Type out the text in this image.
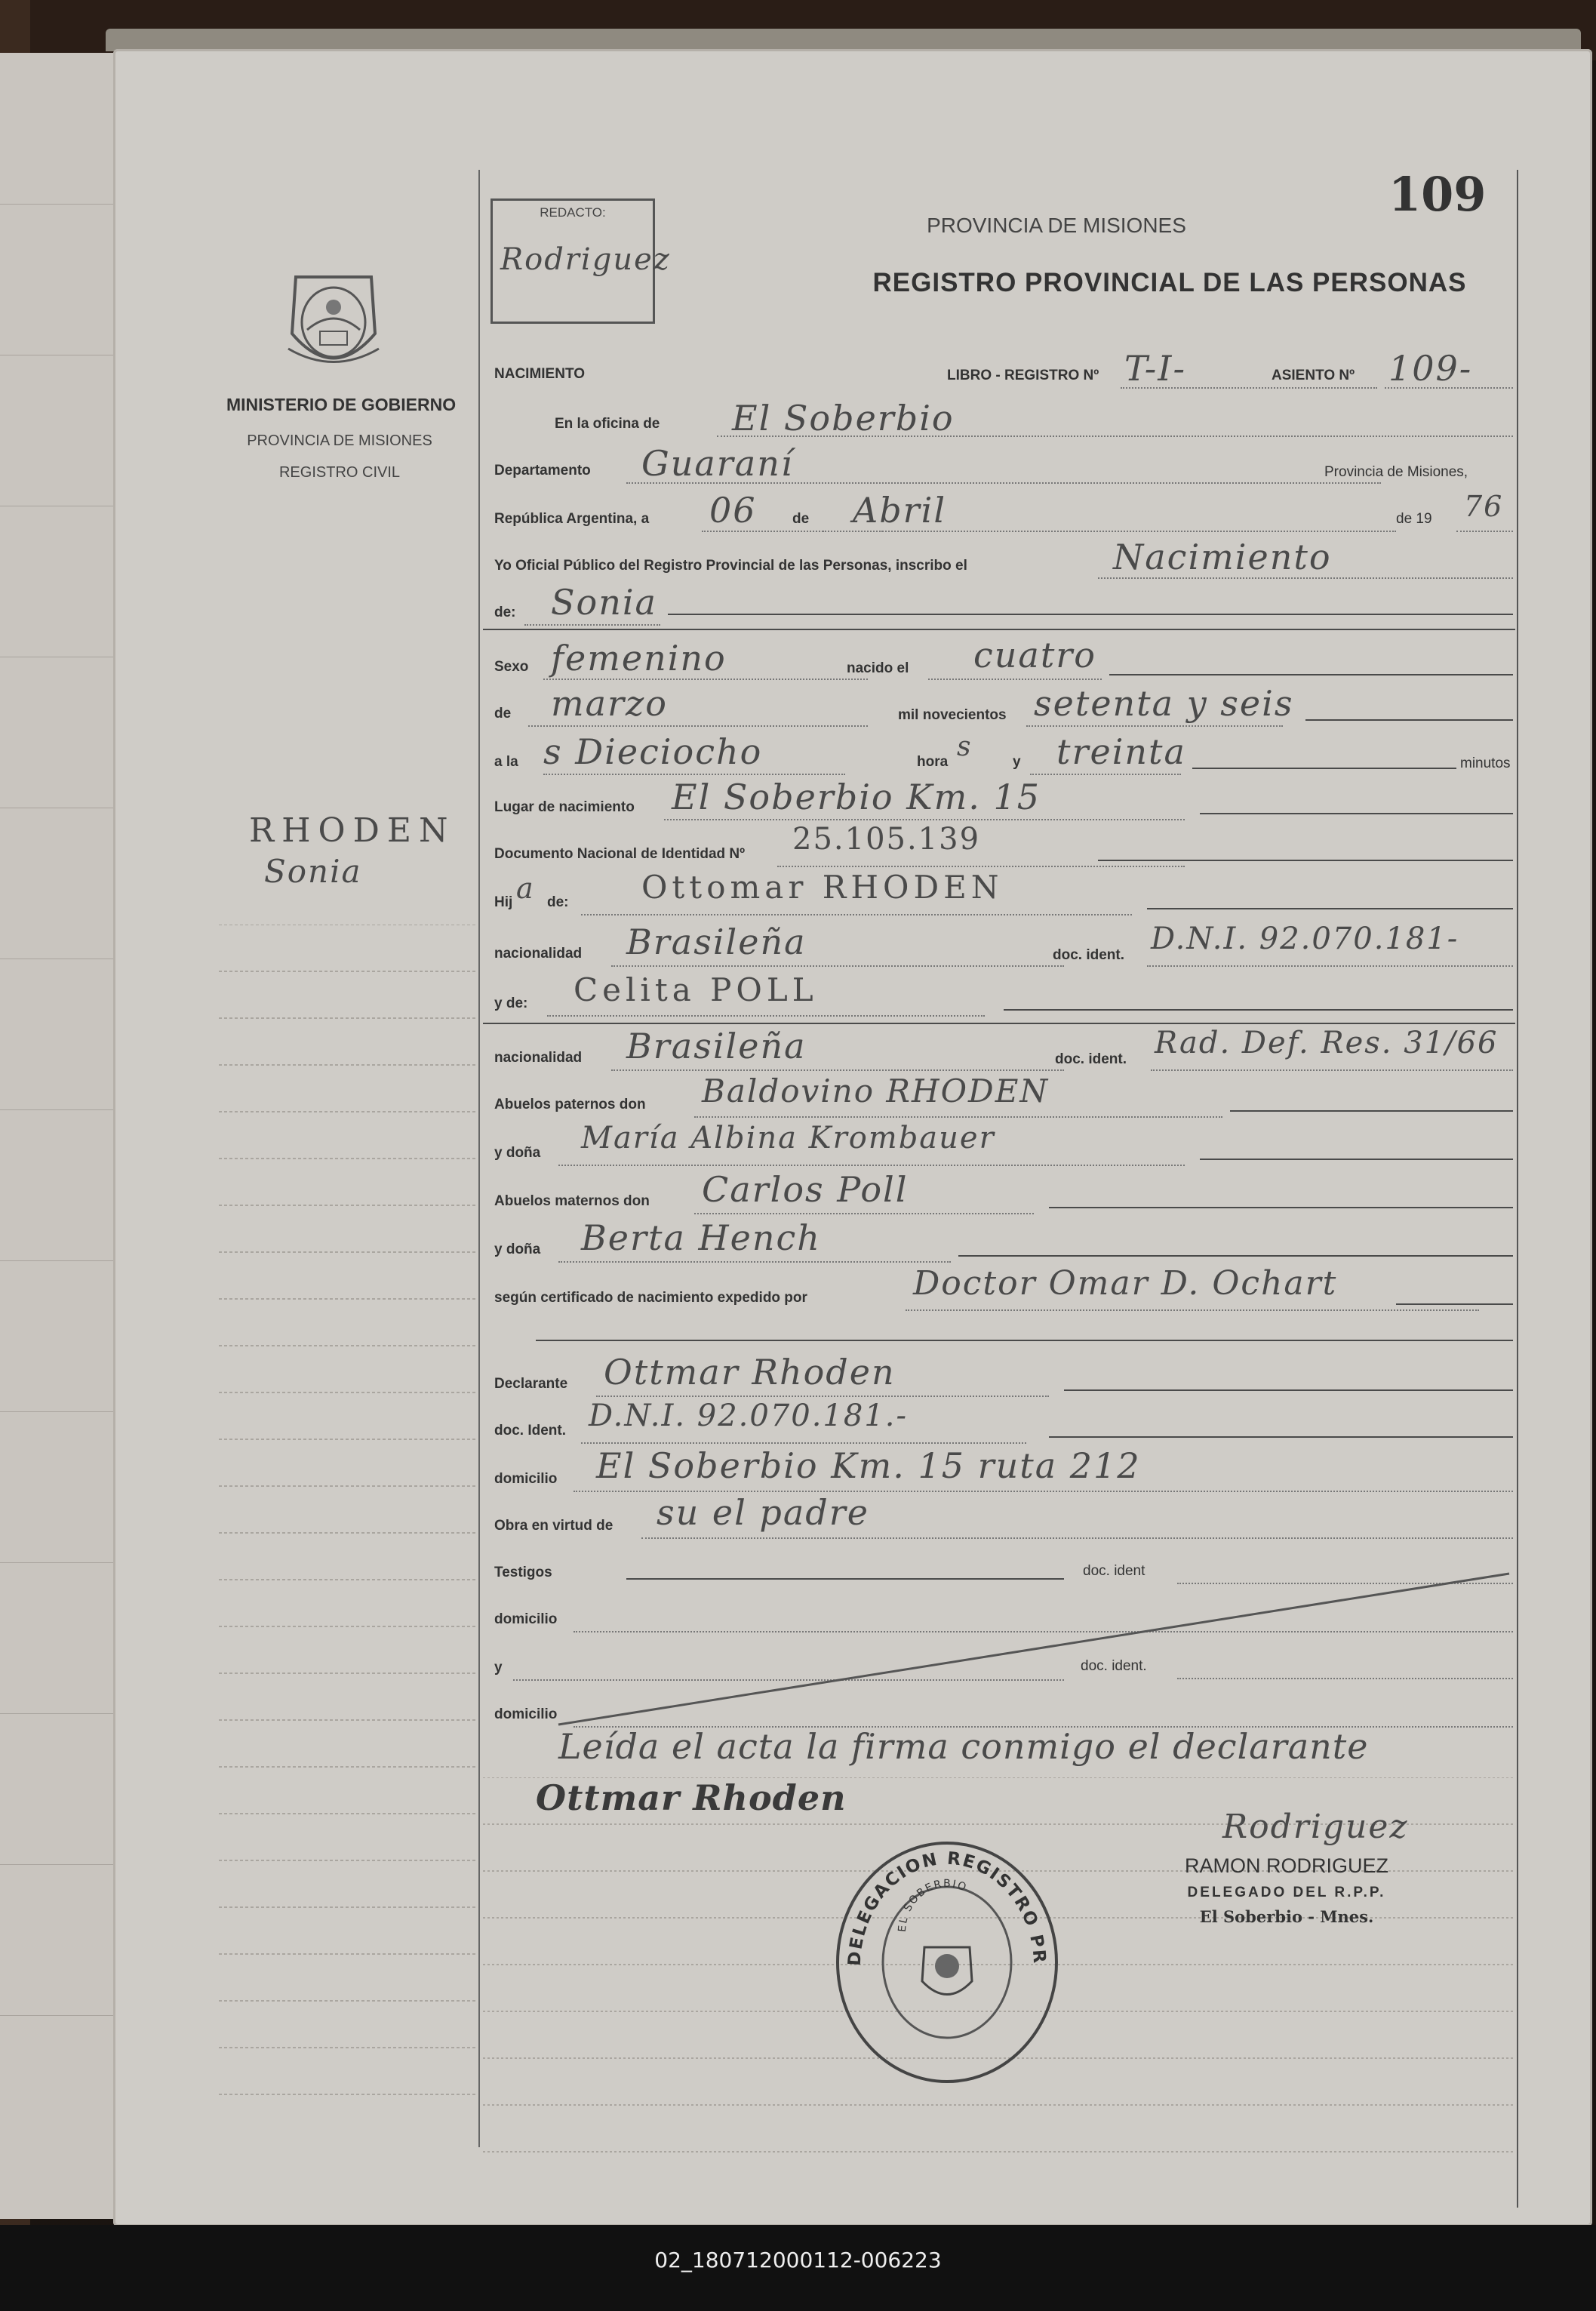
MINISTERIO DE GOBIERNO
PROVINCIA DE MISIONES
REGISTRO CIVIL
RHODEN
Sonia
REDACTO:
Rodriguez
109
PROVINCIA DE MISIONES
REGISTRO PROVINCIAL DE LAS PERSONAS
NACIMIENTO	LIBRO - REGISTRO Nº T-I-	ASIENTO Nº 109-
En la oficina de El Soberbio
Departamento Guaraní	Provincia de Misiones,
República Argentina, a 06 de Abril	de 19 76
Yo Oficial Público del Registro Provincial de las Personas, inscribo el	Nacimiento
de: Sonia
Sexo femenino	nacido el cuatro
de marzo	mil novecientos setenta y seis
a la s Dieciocho	hora s	y treinta	minutos
Lugar de nacimiento El Soberbio Km. 15
Documento Nacional de Identidad Nº 25.105.139
Hij a de: Ottomar RHODEN
nacionalidad Brasileña	doc. ident. D.N.I. 92.070.181-
y de: Celita POLL
nacionalidad Brasileña	doc. ident. Rad. Def. Res. 31/66
Abuelos paternos don Baldovino RHODEN
y doña María Albina Krombauer
Abuelos maternos don Carlos Poll
y doña Berta Hench
según certificado de nacimiento expedido por	Doctor Omar D. Ochart
Declarante Ottmar Rhoden
doc. Ident. D.N.I. 92.070.181.-
domicilio El Soberbio Km. 15 ruta 212
Obra en virtud de su el padre
Testigos	doc. ident
domicilio
y	doc. ident.
domicilio
Leída el acta la firma conmigo el declarante
Ottmar Rhoden
Rodriguez
RAMON RODRIGUEZ
DELEGADO DEL R.P.P.
El Soberbio - Mnes.
DELEGACION REGISTRO PR
EL SOBERBIO
02_180712000112-006223
